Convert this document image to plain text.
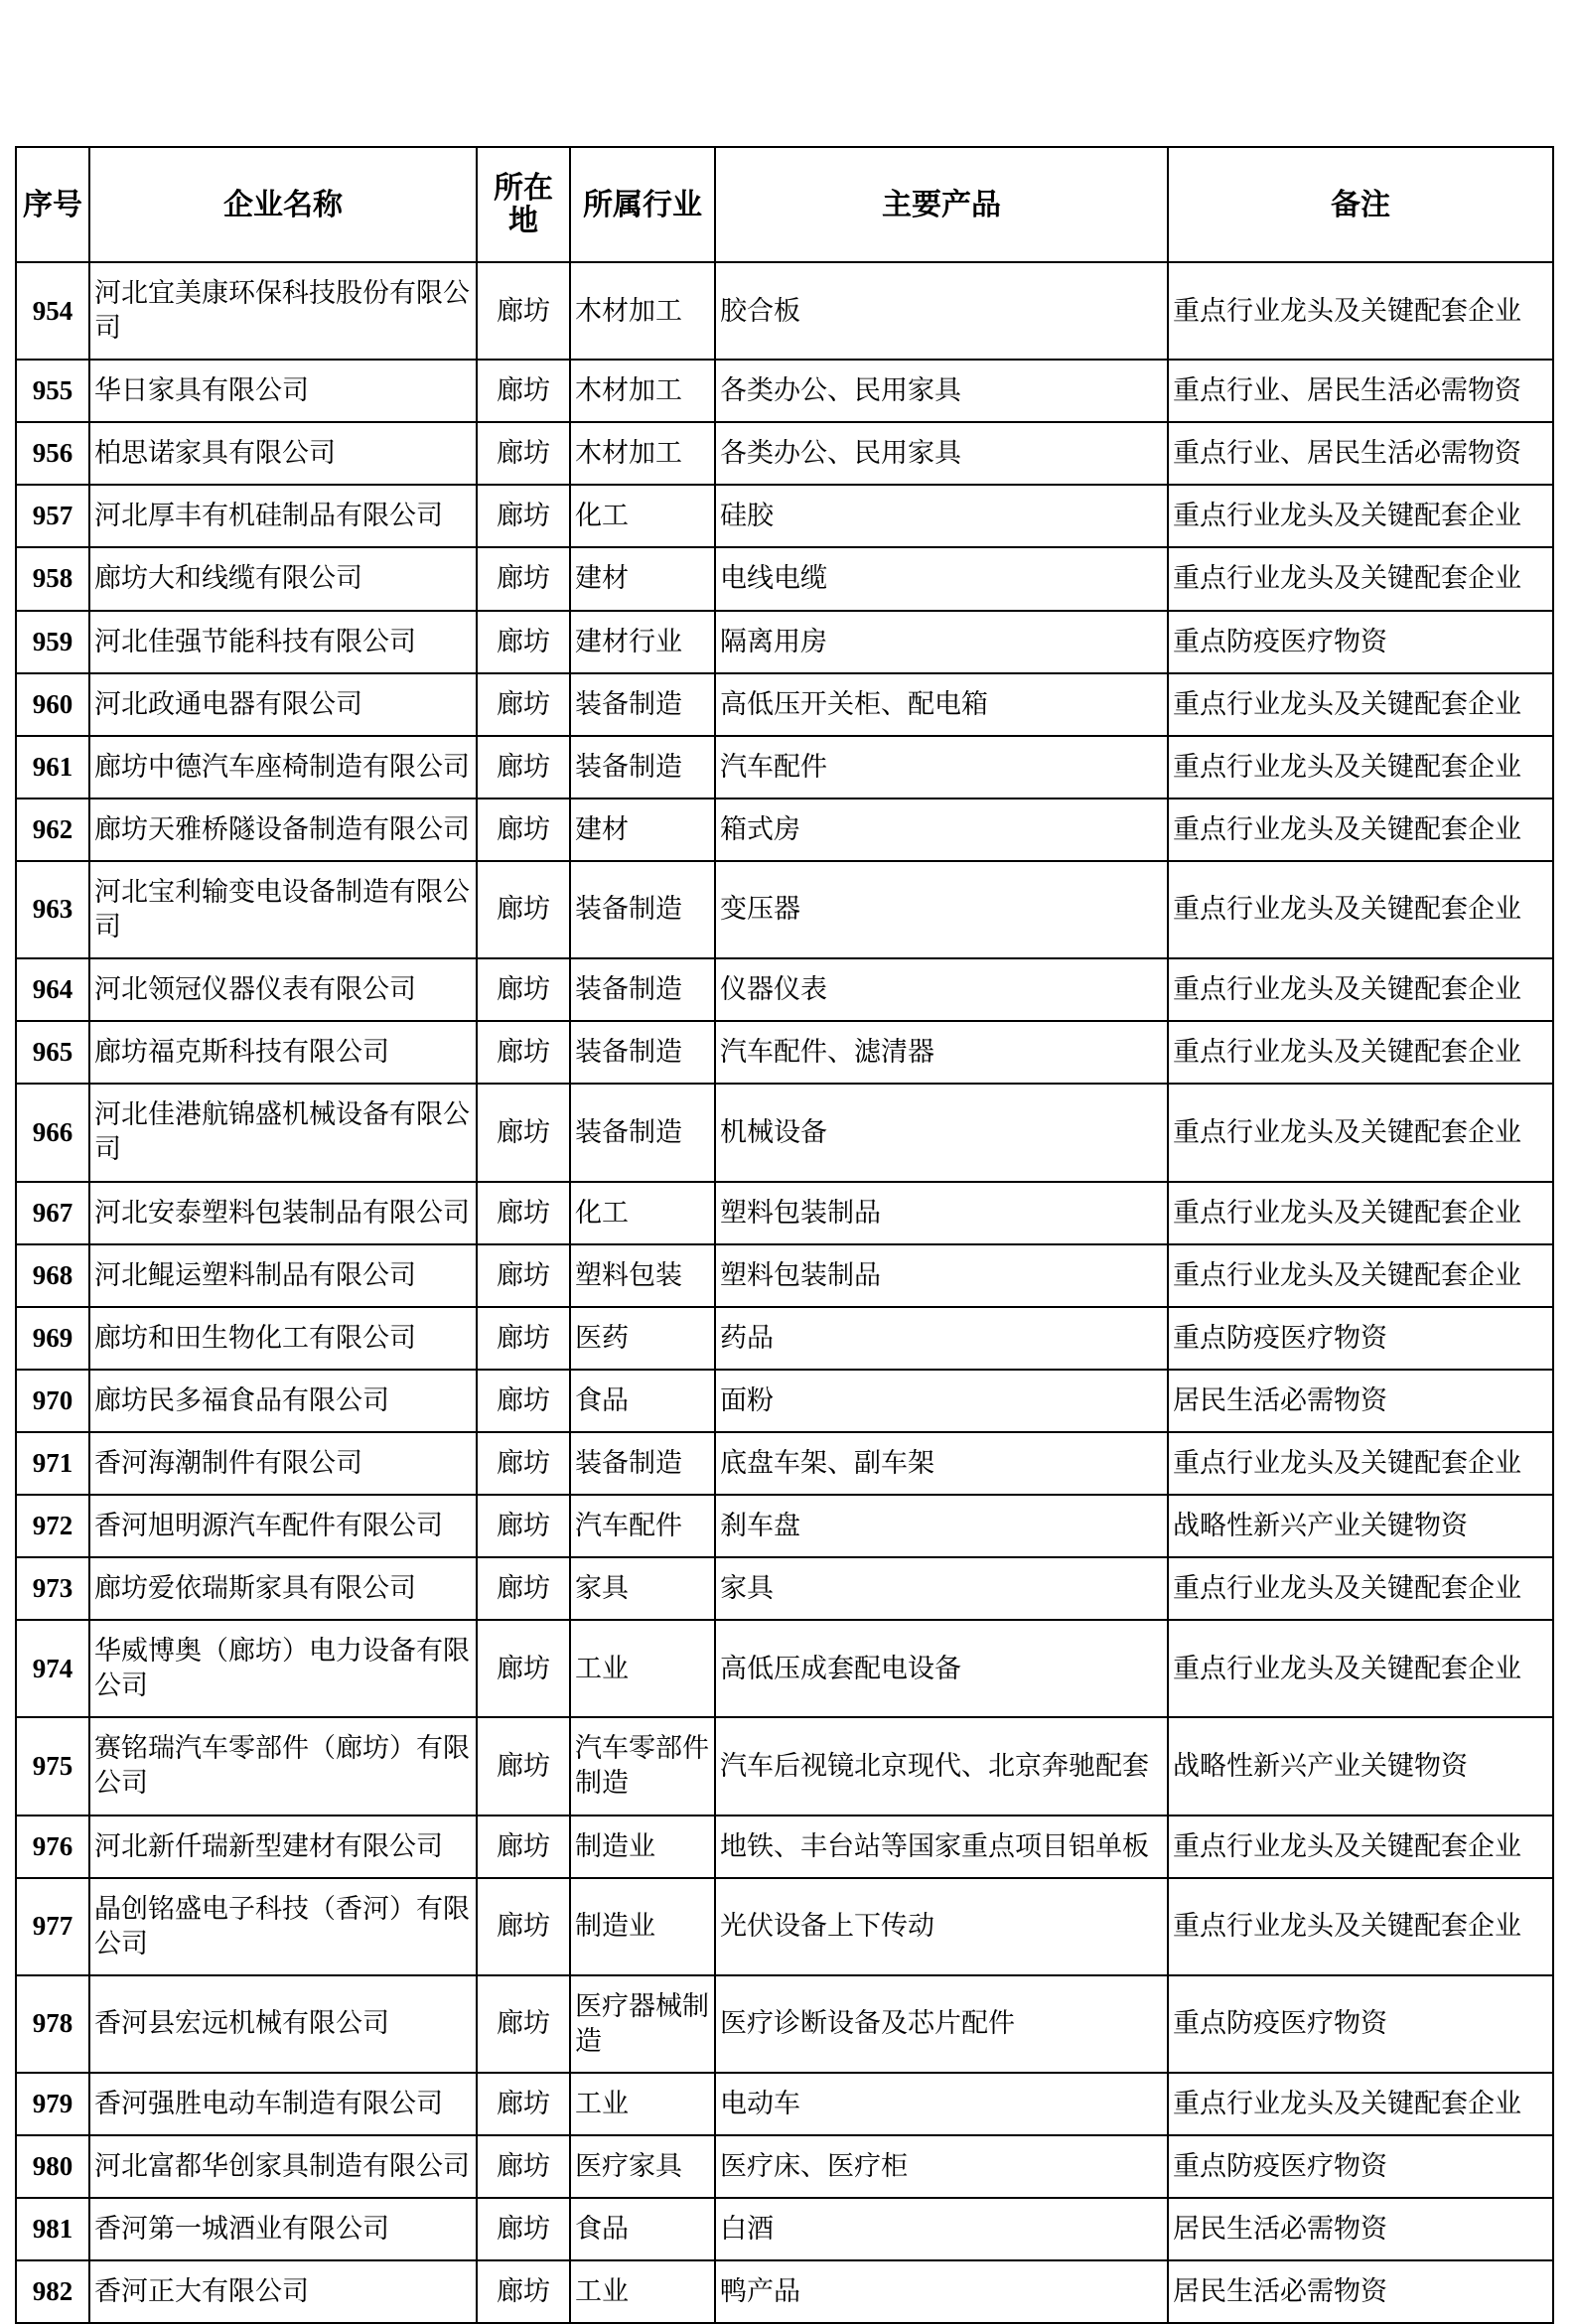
序号	企业名称	所在地	所属行业	主要产品	备注
954	河北宜美康环保科技股份有限公司	廊坊	木材加工	胶合板	重点行业龙头及关键配套企业
955	华日家具有限公司	廊坊	木材加工	各类办公、民用家具	重点行业、居民生活必需物资
956	柏思诺家具有限公司	廊坊	木材加工	各类办公、民用家具	重点行业、居民生活必需物资
957	河北厚丰有机硅制品有限公司	廊坊	化工	硅胶	重点行业龙头及关键配套企业
958	廊坊大和线缆有限公司	廊坊	建材	电线电缆	重点行业龙头及关键配套企业
959	河北佳强节能科技有限公司	廊坊	建材行业	隔离用房	重点防疫医疗物资
960	河北政通电器有限公司	廊坊	装备制造	高低压开关柜、配电箱	重点行业龙头及关键配套企业
961	廊坊中德汽车座椅制造有限公司	廊坊	装备制造	汽车配件	重点行业龙头及关键配套企业
962	廊坊天雅桥隧设备制造有限公司	廊坊	建材	箱式房	重点行业龙头及关键配套企业
963	河北宝利输变电设备制造有限公司	廊坊	装备制造	变压器	重点行业龙头及关键配套企业
964	河北领冠仪器仪表有限公司	廊坊	装备制造	仪器仪表	重点行业龙头及关键配套企业
965	廊坊福克斯科技有限公司	廊坊	装备制造	汽车配件、滤清器	重点行业龙头及关键配套企业
966	河北佳港航锦盛机械设备有限公司	廊坊	装备制造	机械设备	重点行业龙头及关键配套企业
967	河北安泰塑料包装制品有限公司	廊坊	化工	塑料包装制品	重点行业龙头及关键配套企业
968	河北鲲运塑料制品有限公司	廊坊	塑料包装	塑料包装制品	重点行业龙头及关键配套企业
969	廊坊和田生物化工有限公司	廊坊	医药	药品	重点防疫医疗物资
970	廊坊民多福食品有限公司	廊坊	食品	面粉	居民生活必需物资
971	香河海潮制件有限公司	廊坊	装备制造	底盘车架、副车架	重点行业龙头及关键配套企业
972	香河旭明源汽车配件有限公司	廊坊	汽车配件	刹车盘	战略性新兴产业关键物资
973	廊坊爱依瑞斯家具有限公司	廊坊	家具	家具	重点行业龙头及关键配套企业
974	华威博奥（廊坊）电力设备有限公司	廊坊	工业	高低压成套配电设备	重点行业龙头及关键配套企业
975	赛铭瑞汽车零部件（廊坊）有限公司	廊坊	汽车零部件制造	汽车后视镜北京现代、北京奔驰配套	战略性新兴产业关键物资
976	河北新仟瑞新型建材有限公司	廊坊	制造业	地铁、丰台站等国家重点项目铝单板	重点行业龙头及关键配套企业
977	晶创铭盛电子科技（香河）有限公司	廊坊	制造业	光伏设备上下传动	重点行业龙头及关键配套企业
978	香河县宏远机械有限公司	廊坊	医疗器械制造	医疗诊断设备及芯片配件	重点防疫医疗物资
979	香河强胜电动车制造有限公司	廊坊	工业	电动车	重点行业龙头及关键配套企业
980	河北富都华创家具制造有限公司	廊坊	医疗家具	医疗床、医疗柜	重点防疫医疗物资
981	香河第一城酒业有限公司	廊坊	食品	白酒	居民生活必需物资
982	香河正大有限公司	廊坊	工业	鸭产品	居民生活必需物资
